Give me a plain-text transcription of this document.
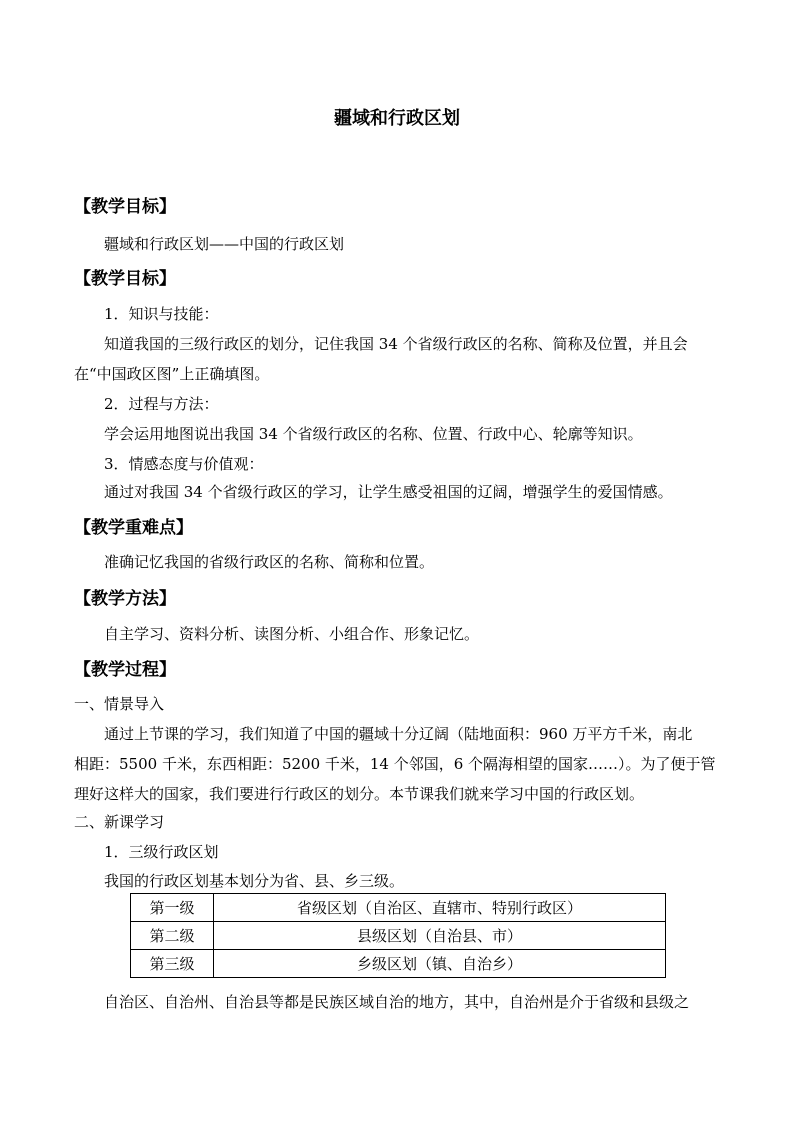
疆域和行政区划
【教学目标】
疆域和行政区划——中国的行政区划
【教学目标】
1．知识与技能：
知道我国的三级行政区的划分，记住我国 34 个省级行政区的名称、简称及位置，并且会
在“中国政区图”上正确填图。
2．过程与方法：
学会运用地图说出我国 34 个省级行政区的名称、位置、行政中心、轮廓等知识。
3．情感态度与价值观：
通过对我国 34 个省级行政区的学习，让学生感受祖国的辽阔，增强学生的爱国情感。
【教学重难点】
准确记忆我国的省级行政区的名称、简称和位置。
【教学方法】
自主学习、资料分析、读图分析、小组合作、形象记忆。
【教学过程】
一、情景导入
通过上节课的学习，我们知道了中国的疆域十分辽阔（陆地面积：960 万平方千米，南北
相距：5500 千米，东西相距：5200 千米，14 个邻国，6 个隔海相望的国家……）。为了便于管
理好这样大的国家，我们要进行行政区的划分。本节课我们就来学习中国的行政区划。
二、新课学习
1．三级行政区划
我国的行政区划基本划分为省、县、乡三级。
第一级	省级区划（自治区、直辖市、特别行政区）
第二级	县级区划（自治县、市）
第三级	乡级区划（镇、自治乡）
自治区、自治州、自治县等都是民族区域自治的地方，其中，自治州是介于省级和县级之
